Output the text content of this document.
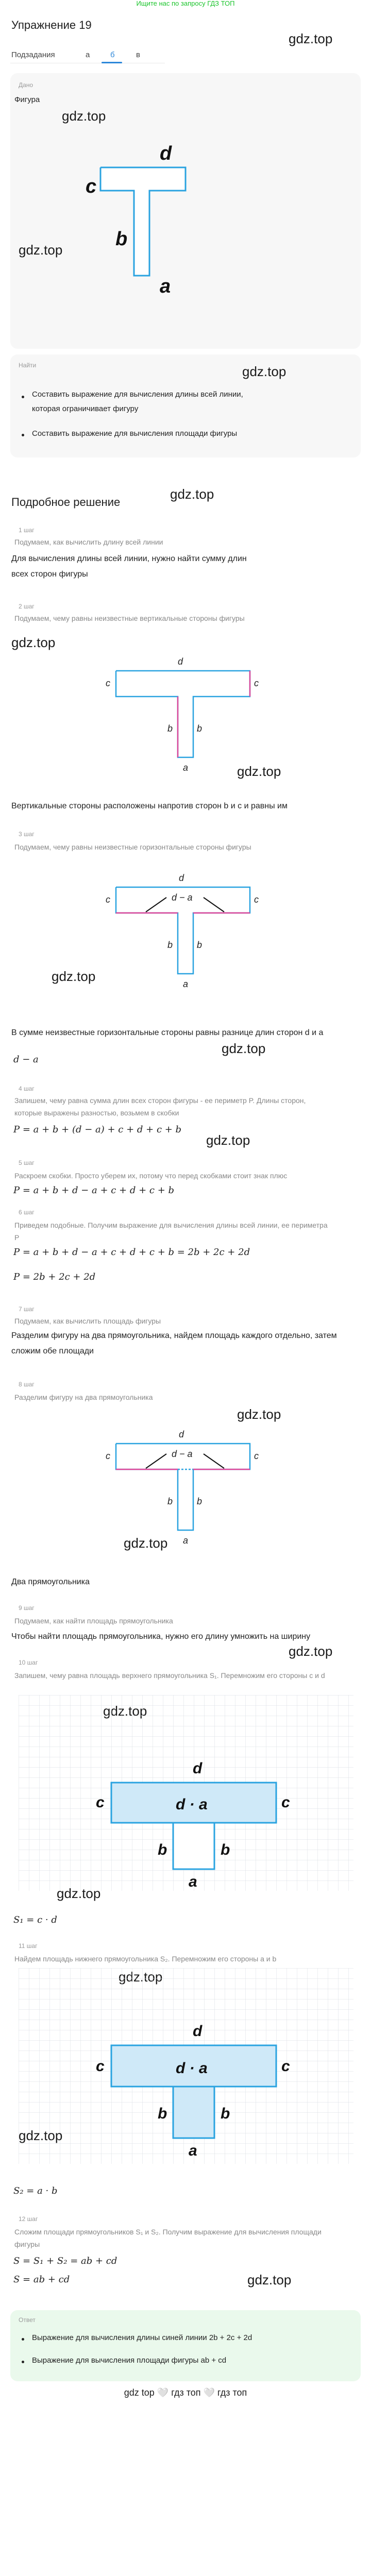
Ищите нас по запросу ГДЗ ТОП
Упражнение 19
Подзадания	а	б	в
gdz.top
Дано
Фигура
gdz.top
gdz.top
d
c
b
a
Найти	gdz.top
Составить выражение для вычисления длины всей линии, которая ограничивает фигуру
Составить выражение для вычисления площади фигуры
Подробное решение
gdz.top
1 шаг
Подумаем, как вычислить длину всей линии
Для вычисления длины всей линии, нужно найти сумму длин всех сторон фигуры
2 шаг
Подумаем, чему равны неизвестные вертикальные стороны фигуры
gdz.top
d
c	c
b	b
a	gdz.top
Вертикальные стороны расположены напротив сторон b и c и равны им
3 шаг
Подумаем, чему равны неизвестные горизонтальные стороны фигуры
d
d − a
c	c
b	b
a
gdz.top
В сумме неизвестные горизонтальные стороны равны разнице длин сторон d и a
d − a
gdz.top
4 шаг
Запишем, чему равна сумма длин всех сторон фигуры - ее периметр P. Длины сторон, которые выражены разностью, возьмем в скобки
P = a + b + (d − a) + c + d + c + b
gdz.top
5 шаг
Раскроем скобки. Просто уберем их, потому что перед скобками стоит знак плюс
P = a + b + d − a + c + d + c + b
6 шаг
Приведем подобные. Получим выражение для вычисления длины всей линии, ее периметра P
P = a + b + d − a + c + d + c + b = 2b + 2c + 2d
P = 2b + 2c + 2d
7 шаг
Подумаем, как вычислить площадь фигуры
Разделим фигуру на два прямоугольника, найдем площадь каждого отдельно, затем сложим обе площади
8 шаг
Разделим фигуру на два прямоугольника
gdz.top
d
d − a
c	c
b	b
a
gdz.top
Два прямоугольника
9 шаг
Подумаем, как найти площадь прямоугольника
Чтобы найти площадь прямоугольника, нужно его длину умножить на ширину
gdz.top
10 шаг
Запишем, чему равна площадь верхнего прямоугольника S₁. Перемножим его стороны c и d
d
c	c
d · a
b	b
a
gdz.top
S₁ = c · d
11 шаг
Найдем площадь нижнего прямоугольника S₂. Перемножим его стороны a и b
d
c	c
d · a
b	b
a
gdz.top
S₂ = a · b
12 шаг
Сложим площади прямоугольников S₁ и S₂. Получим выражение для вычисления площади фигуры
S = S₁ + S₂ = ab + cd
S = ab + cd	gdz.top
Ответ
Выражение для вычисления длины синей линии 2b + 2c + 2d
Выражение для вычисления площади фигуры ab + cd
gdz top 🤍 гдз топ 🤍 гдз топ
